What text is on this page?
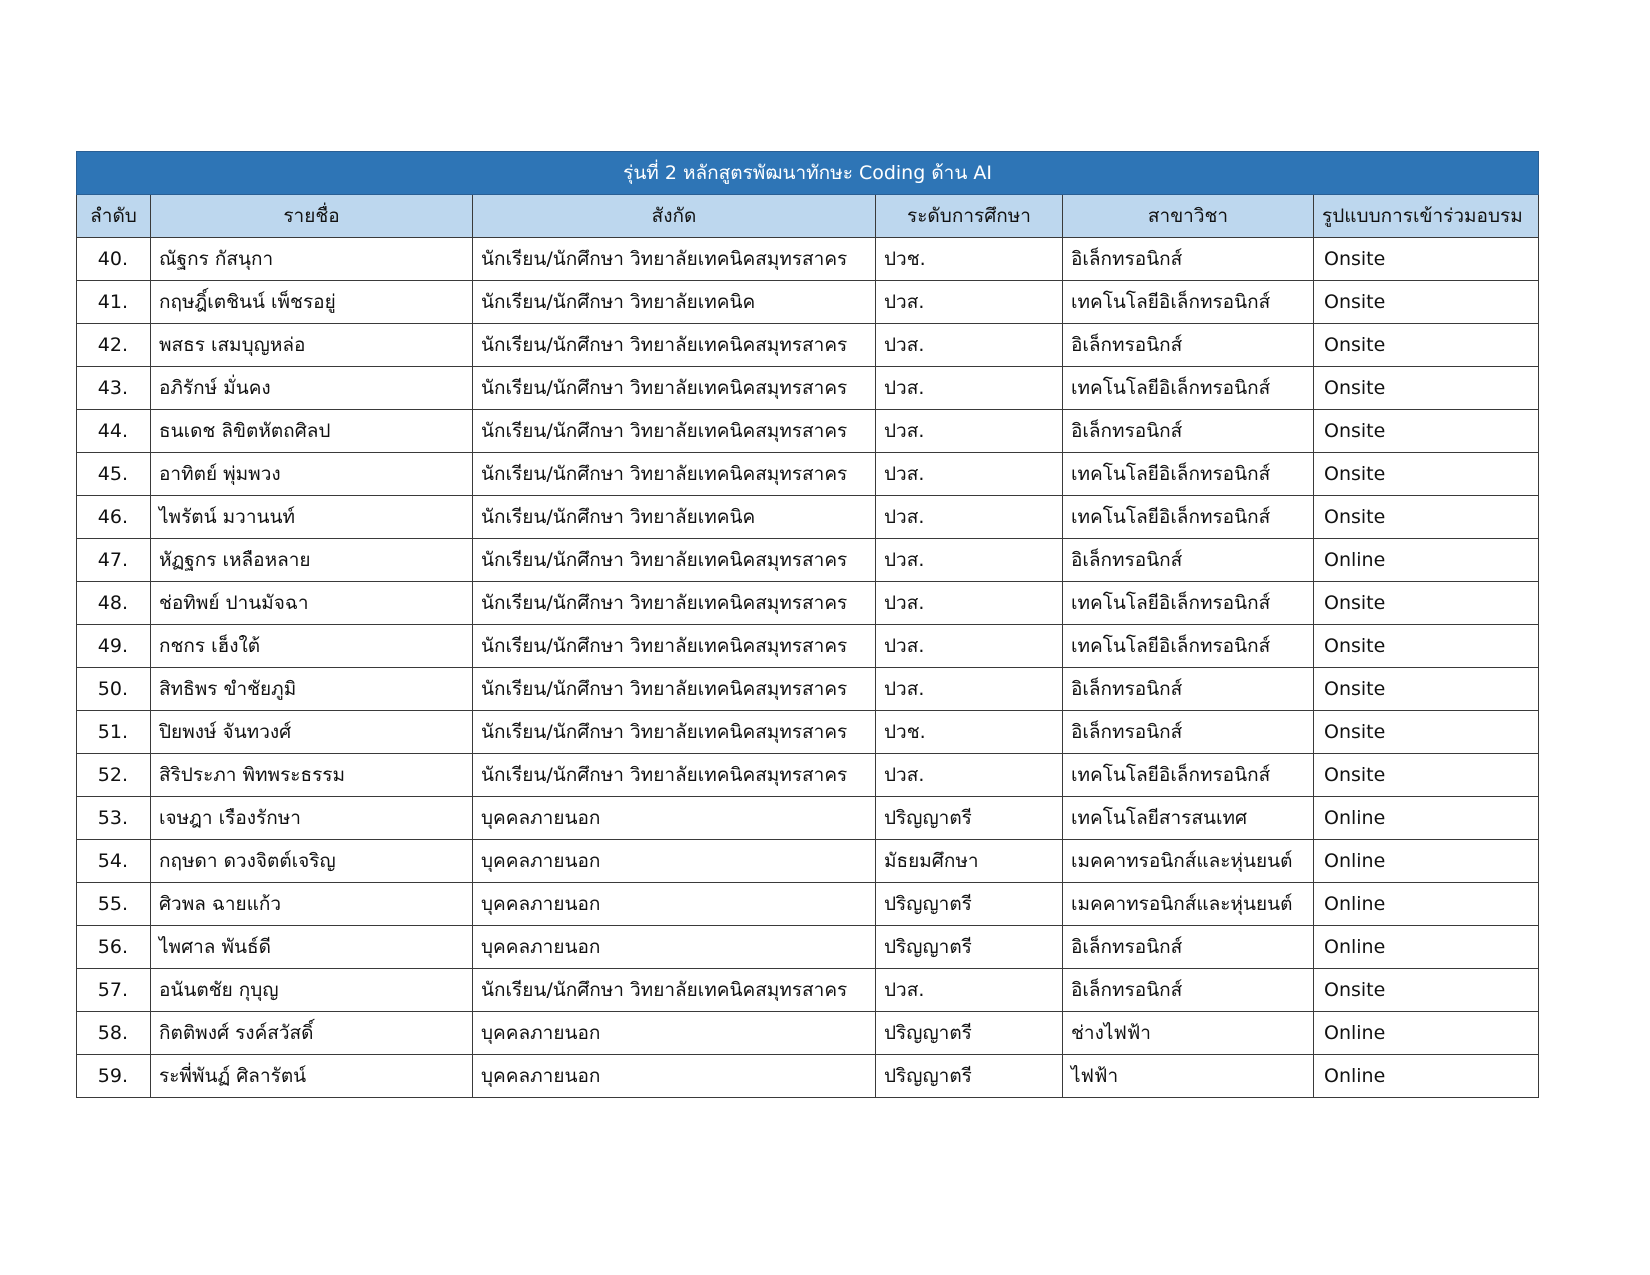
รุ่นที่ 2 หลักสูตรพัฒนาทักษะ Coding ด้าน AI					
ลำดับ	รายชื่อ	สังกัด	ระดับการศึกษา	สาขาวิชา	รูปแบบการเข้าร่วมอบรม
40.	ณัฐกร กัสนุกา	นักเรียน/นักศึกษา วิทยาลัยเทคนิคสมุทรสาคร	ปวช.	อิเล็กทรอนิกส์	Onsite
41.	กฤษฎิ์เตชินน์ เพ็ชรอยู่	นักเรียน/นักศึกษา วิทยาลัยเทคนิค	ปวส.	เทคโนโลยีอิเล็กทรอนิกส์	Onsite
42.	พสธร เสมบุญหล่อ	นักเรียน/นักศึกษา วิทยาลัยเทคนิคสมุทรสาคร	ปวส.	อิเล็กทรอนิกส์	Onsite
43.	อภิรักษ์ มั่นคง	นักเรียน/นักศึกษา วิทยาลัยเทคนิคสมุทรสาคร	ปวส.	เทคโนโลยีอิเล็กทรอนิกส์	Onsite
44.	ธนเดช ลิขิตหัตถศิลป	นักเรียน/นักศึกษา วิทยาลัยเทคนิคสมุทรสาคร	ปวส.	อิเล็กทรอนิกส์	Onsite
45.	อาทิตย์ พุ่มพวง	นักเรียน/นักศึกษา วิทยาลัยเทคนิคสมุทรสาคร	ปวส.	เทคโนโลยีอิเล็กทรอนิกส์	Onsite
46.	ไพรัตน์ มวานนท์	นักเรียน/นักศึกษา วิทยาลัยเทคนิค	ปวส.	เทคโนโลยีอิเล็กทรอนิกส์	Onsite
47.	หัฏฐกร เหลือหลาย	นักเรียน/นักศึกษา วิทยาลัยเทคนิคสมุทรสาคร	ปวส.	อิเล็กทรอนิกส์	Online
48.	ช่อทิพย์ ปานมัจฉา	นักเรียน/นักศึกษา วิทยาลัยเทคนิคสมุทรสาคร	ปวส.	เทคโนโลยีอิเล็กทรอนิกส์	Onsite
49.	กชกร เฮ็งใต้	นักเรียน/นักศึกษา วิทยาลัยเทคนิคสมุทรสาคร	ปวส.	เทคโนโลยีอิเล็กทรอนิกส์	Onsite
50.	สิทธิพร ขำชัยภูมิ	นักเรียน/นักศึกษา วิทยาลัยเทคนิคสมุทรสาคร	ปวส.	อิเล็กทรอนิกส์	Onsite
51.	ปิยพงษ์ จันทวงศ์	นักเรียน/นักศึกษา วิทยาลัยเทคนิคสมุทรสาคร	ปวช.	อิเล็กทรอนิกส์	Onsite
52.	สิริประภา พิทพระธรรม	นักเรียน/นักศึกษา วิทยาลัยเทคนิคสมุทรสาคร	ปวส.	เทคโนโลยีอิเล็กทรอนิกส์	Onsite
53.	เจษฎา เรืองรักษา	บุคคลภายนอก	ปริญญาตรี	เทคโนโลยีสารสนเทศ	Online
54.	กฤษดา ดวงจิตต์เจริญ	บุคคลภายนอก	มัธยมศึกษา	เมคคาทรอนิกส์และหุ่นยนต์	Online
55.	ศิวพล ฉายแก้ว	บุคคลภายนอก	ปริญญาตรี	เมคคาทรอนิกส์และหุ่นยนต์	Online
56.	ไพศาล พันธ์ดี	บุคคลภายนอก	ปริญญาตรี	อิเล็กทรอนิกส์	Online
57.	อนันตชัย กุบุญ	นักเรียน/นักศึกษา วิทยาลัยเทคนิคสมุทรสาคร	ปวส.	อิเล็กทรอนิกส์	Onsite
58.	กิตติพงศ์ รงค์สวัสดิ์	บุคคลภายนอก	ปริญญาตรี	ช่างไฟฟ้า	Online
59.	ระพี่พันฏ์ ศิลารัตน์	บุคคลภายนอก	ปริญญาตรี	ไฟฟ้า	Online
